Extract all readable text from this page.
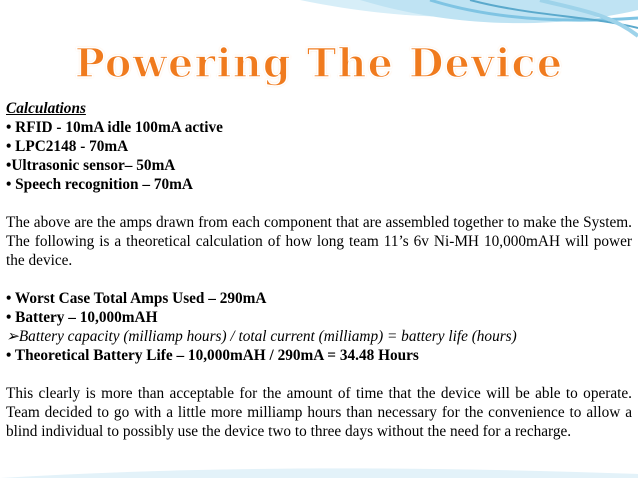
Powering The Device

Calculations

• RFID - 10mA idle 100mA active

• LPC2148 - 70mA

•Ultrasonic sensor– 50mA

• Speech recognition – 70mA

The above are the amps drawn from each component that are assembled together to make the System. The following is a theoretical calculation of how long team 11’s 6v Ni-MH 10,000mAH will power the device.

• Worst Case Total Amps Used – 290mA

• Battery – 10,000mAH

➢Battery capacity (milliamp hours) / total current (milliamp) = battery life (hours)

• Theoretical Battery Life – 10,000mAH / 290mA = 34.48 Hours

This clearly is more than acceptable for the amount of time that the device will be able to operate. Team decided to go with a little more milliamp hours than necessary for the convenience to allow a blind individual to possibly use the device two to three days without the need for a recharge.
